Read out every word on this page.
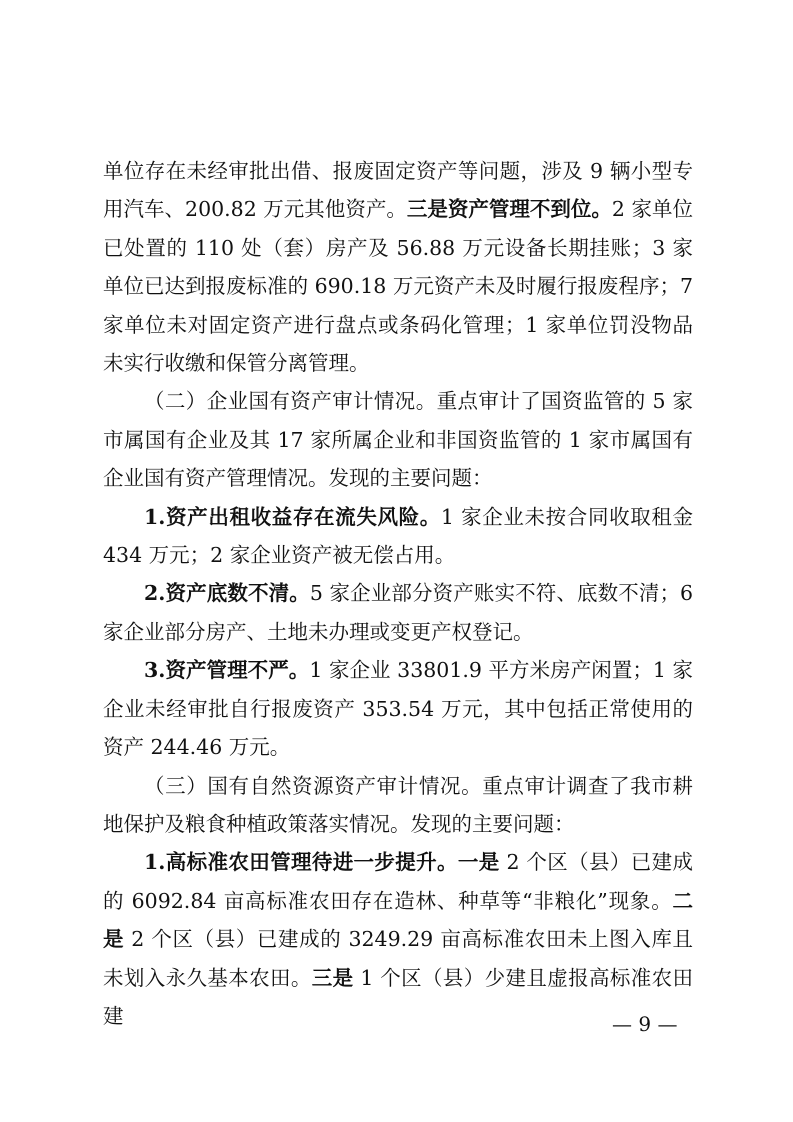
单位存在未经审批出借、报废固定资产等问题，涉及 9 辆小型专用汽车、200.82 万元其他资产。三是资产管理不到位。2 家单位已处置的 110 处（套）房产及 56.88 万元设备长期挂账；3 家单位已达到报废标准的 690.18 万元资产未及时履行报废程序；7 家单位未对固定资产进行盘点或条码化管理；1 家单位罚没物品未实行收缴和保管分离管理。

（二）企业国有资产审计情况。重点审计了国资监管的 5 家市属国有企业及其 17 家所属企业和非国资监管的 1 家市属国有企业国有资产管理情况。发现的主要问题：

1.资产出租收益存在流失风险。1 家企业未按合同收取租金 434 万元；2 家企业资产被无偿占用。

2.资产底数不清。5 家企业部分资产账实不符、底数不清；6 家企业部分房产、土地未办理或变更产权登记。

3.资产管理不严。1 家企业 33801.9 平方米房产闲置；1 家企业未经审批自行报废资产 353.54 万元，其中包括正常使用的资产 244.46 万元。

（三）国有自然资源资产审计情况。重点审计调查了我市耕地保护及粮食种植政策落实情况。发现的主要问题：

1.高标准农田管理待进一步提升。一是 2 个区（县）已建成的 6092.84 亩高标准农田存在造林、种草等“非粮化”现象。二是 2 个区（县）已建成的 3249.29 亩高标准农田未上图入库且未划入永久基本农田。三是 1 个区（县）少建且虚报高标准农田建	— 9 —
